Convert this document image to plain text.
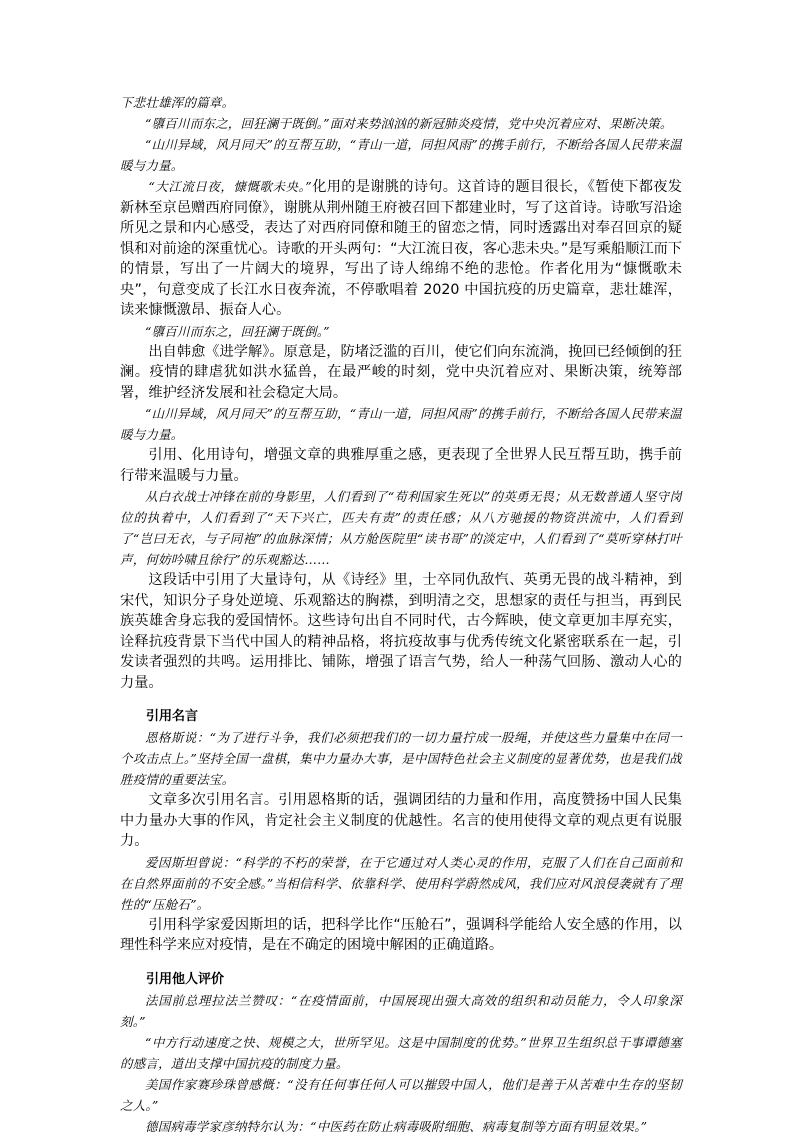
下悲壮雄浑的篇章。

“隳百川而东之，回狂澜于既倒。”面对来势汹汹的新冠肺炎疫情，党中央沉着应对、果断决策。

“山川异域，风月同天”的互帮互助，“青山一道，同担风雨”的携手前行，不断给各国人民带来温暖与力量。

“大江流日夜，慷慨歌未央。”化用的是谢朓的诗句。这首诗的题目很长，《暂使下都夜发新林至京邑赠西府同僚》，谢朓从荆州随王府被召回下都建业时，写了这首诗。诗歌写沿途所见之景和内心感受，表达了对西府同僚和随王的留恋之情，同时透露出对奉召回京的疑惧和对前途的深重忧心。诗歌的开头两句：“大江流日夜，客心悲未央。”是写乘船顺江而下的情景，写出了一片阔大的境界，写出了诗人绵绵不绝的悲怆。作者化用为“慷慨歌未央”，句意变成了长江水日夜奔流，不停歌唱着 2020 中国抗疫的历史篇章，悲壮雄浑，读来慷慨激昂、振奋人心。

“隳百川而东之，回狂澜于既倒。”

出自韩愈《进学解》。原意是，防堵泛滥的百川，使它们向东流淌，挽回已经倾倒的狂澜。疫情的肆虐犹如洪水猛兽，在最严峻的时刻，党中央沉着应对、果断决策，统筹部署，维护经济发展和社会稳定大局。

“山川异域，风月同天”的互帮互助，“青山一道，同担风雨”的携手前行，不断给各国人民带来温暖与力量。

引用、化用诗句，增强文章的典雅厚重之感，更表现了全世界人民互帮互助，携手前行带来温暖与力量。

从白衣战士冲锋在前的身影里，人们看到了“苟利国家生死以”的英勇无畏；从无数普通人坚守岗位的执着中，人们看到了“天下兴亡，匹夫有责”的责任感；从八方驰援的物资洪流中，人们看到了“岂曰无衣，与子同袍”的血脉深情；从方舱医院里“读书哥”的淡定中，人们看到了“莫听穿林打叶声，何妨吟啸且徐行”的乐观豁达……

这段话中引用了大量诗句，从《诗经》里，士卒同仇敌忾、英勇无畏的战斗精神，到宋代，知识分子身处逆境、乐观豁达的胸襟，到明清之交，思想家的责任与担当，再到民族英雄舍身忘我的爱国情怀。这些诗句出自不同时代，古今辉映，使文章更加丰厚充实，诠释抗疫背景下当代中国人的精神品格，将抗疫故事与优秀传统文化紧密联系在一起，引发读者强烈的共鸣。运用排比、铺陈，增强了语言气势，给人一种荡气回肠、激动人心的力量。

引用名言

恩格斯说：“为了进行斗争，我们必须把我们的一切力量拧成一股绳，并使这些力量集中在同一个攻击点上。”坚持全国一盘棋，集中力量办大事，是中国特色社会主义制度的显著优势，也是我们战胜疫情的重要法宝。

文章多次引用名言。引用恩格斯的话，强调团结的力量和作用，高度赞扬中国人民集中力量办大事的作风，肯定社会主义制度的优越性。名言的使用使得文章的观点更有说服力。

爱因斯坦曾说：“科学的不朽的荣誉，在于它通过对人类心灵的作用，克服了人们在自己面前和在自然界面前的不安全感。”当相信科学、依靠科学、使用科学蔚然成风，我们应对风浪侵袭就有了理性的“压舱石”。

引用科学家爱因斯坦的话，把科学比作“压舱石”，强调科学能给人安全感的作用，以理性科学来应对疫情，是在不确定的困境中解困的正确道路。

引用他人评价

法国前总理拉法兰赞叹：“在疫情面前，中国展现出强大高效的组织和动员能力，令人印象深刻。”

“中方行动速度之快、规模之大，世所罕见。这是中国制度的优势。”世界卫生组织总干事谭德塞的感言，道出支撑中国抗疫的制度力量。

美国作家赛珍珠曾感慨：“没有任何事任何人可以摧毁中国人，他们是善于从苦难中生存的坚韧之人。”

德国病毒学家彦纳特尔认为：“中医药在防止病毒吸附细胞、病毒复制等方面有明显效果。”
